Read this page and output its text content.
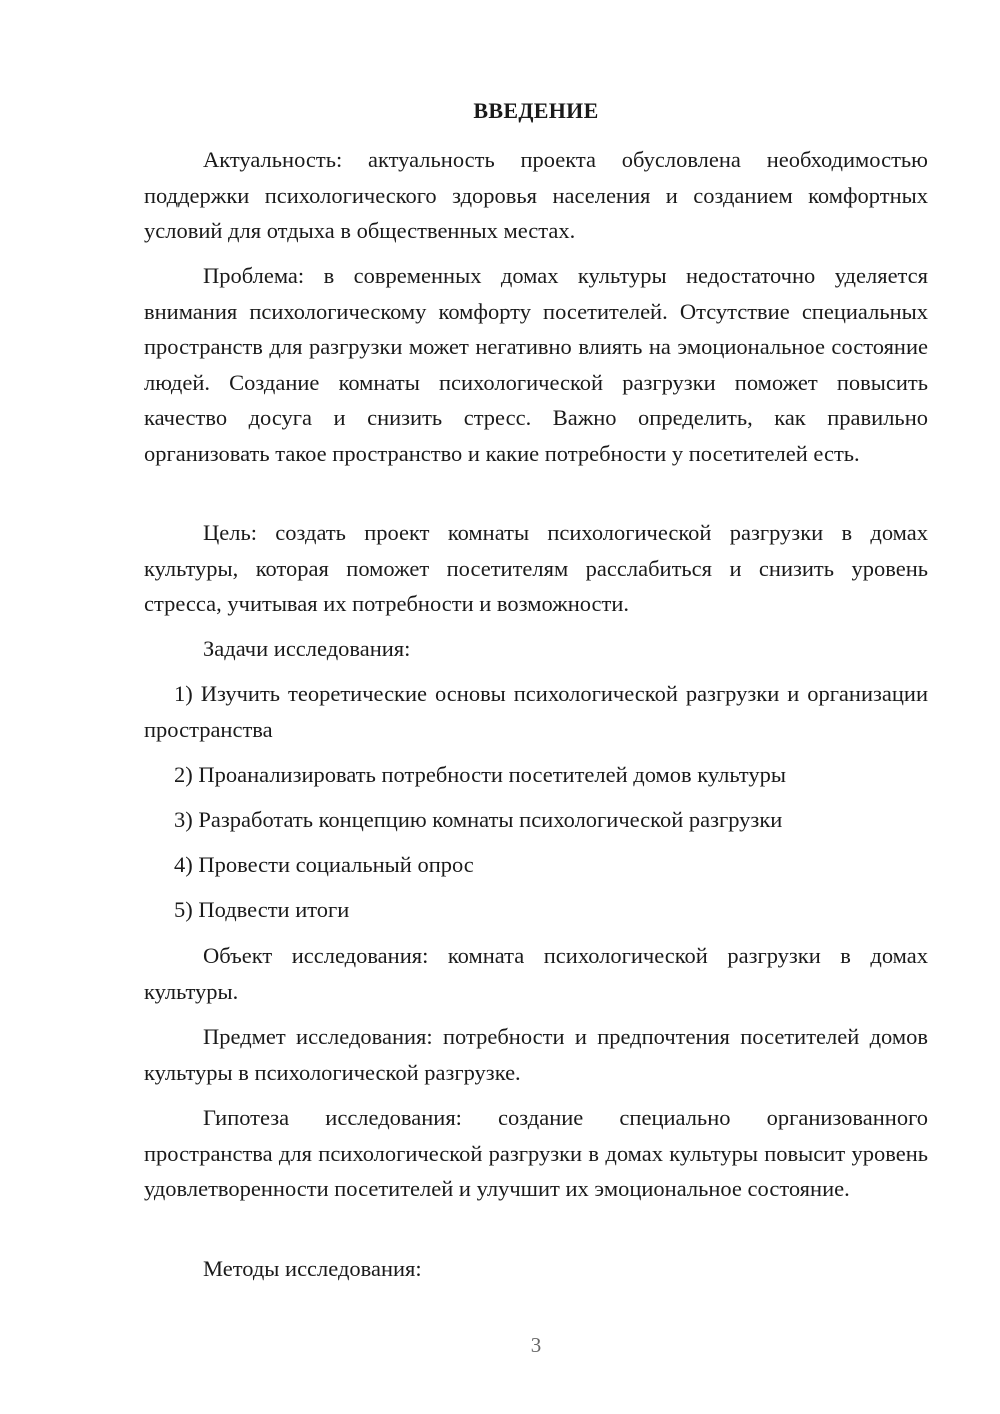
ВВЕДЕНИЕ

Актуальность: актуальность проекта обусловлена необходимостью поддержки психологического здоровья населения и созданием комфортных условий для отдыха в общественных местах.

Проблема: в современных домах культуры недостаточно уделяется внимания психологическому комфорту посетителей. Отсутствие специальных пространств для разгрузки может негативно влиять на эмоциональное состояние людей. Создание комнаты психологической разгрузки поможет повысить качество досуга и снизить стресс. Важно определить, как правильно организовать такое пространство и какие потребности у посетителей есть.

Цель: создать проект комнаты психологической разгрузки в домах культуры, которая поможет посетителям расслабиться и снизить уровень стресса, учитывая их потребности и возможности.

Задачи исследования:

1) Изучить теоретические основы психологической разгрузки и организации пространства

2) Проанализировать потребности посетителей домов культуры

3) Разработать концепцию комнаты психологической разгрузки

4) Провести социальный опрос

5) Подвести итоги

Объект исследования: комната психологической разгрузки в домах культуры.

Предмет исследования: потребности и предпочтения посетителей домов культуры в психологической разгрузке.

Гипотеза исследования: создание специально организованного пространства для психологической разгрузки в домах культуры повысит уровень удовлетворенности посетителей и улучшит их эмоциональное состояние.

Методы исследования:

3
